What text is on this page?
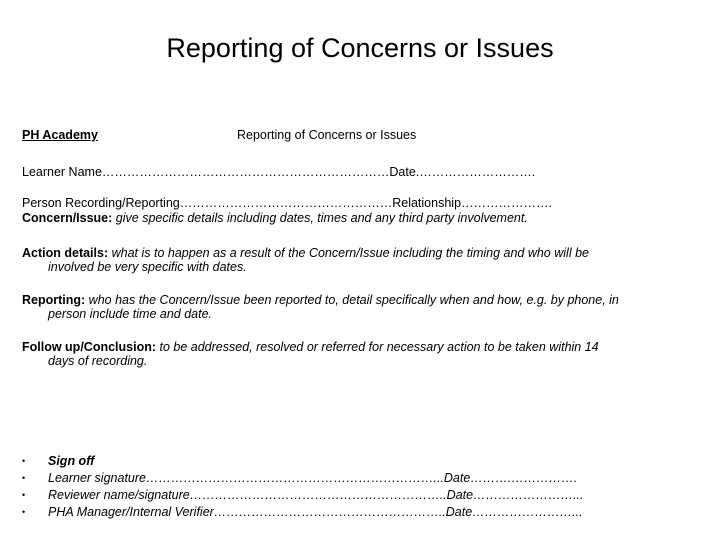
Reporting of Concerns or Issues
PH Academy	Reporting of Concerns or Issues
Learner Name……………………………………………………………Date.……………………….
Person Recording/Reporting……………………………………………Relationship………………….
Concern/Issue: give specific details including dates, times and any third party involvement.
Action details: what is to happen as a result of the Concern/Issue including the timing and who will be
involved be very specific with dates.
Reporting: who has the Concern/Issue been reported to, detail specifically when and how, e.g. by phone, in
person include time and date.
Follow up/Conclusion: to be addressed, resolved or referred for necessary action to be taken within 14
days of recording.
•	Sign off
•	Learner signature……………………………………………………………...Date……….…………….
•	Reviewer name/signature……………………………………………………..Date……………………...
•	PHA Manager/Internal Verifier………………………………………………..Date……………………...
